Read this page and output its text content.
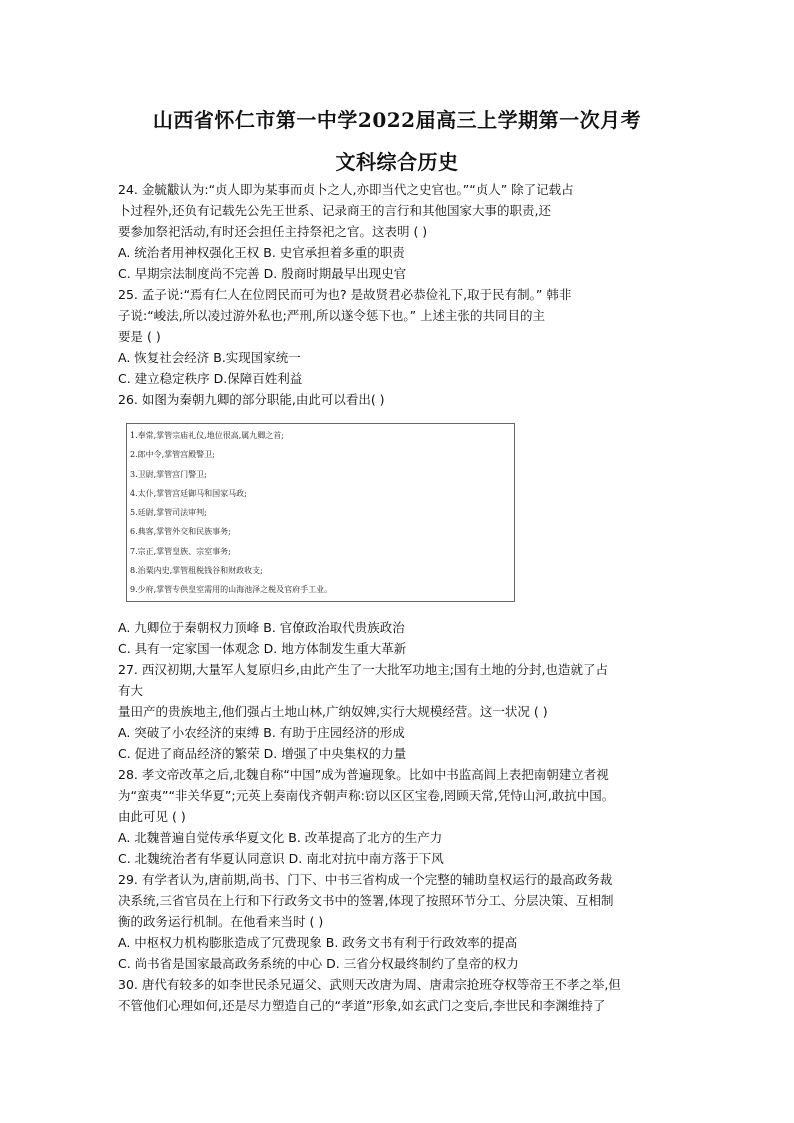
山西省怀仁市第一中学2022届高三上学期第一次月考
文科综合历史
24. 金毓黻认为:“贞人即为某事而贞卜之人,亦即当代之史官也。”“贞人” 除了记载占
卜过程外,还负有记载先公先王世系、记录商王的言行和其他国家大事的职责,还
要参加祭祀活动,有时还会担任主持祭祀之官。这表明 ( )
A. 统治者用神权强化王权 B. 史官承担着多重的职责
C. 早期宗法制度尚不完善 D. 殷商时期最早出现史官
25. 孟子说:“焉有仁人在位罔民而可为也? 是故贤君必恭俭礼下,取于民有制。” 韩非
子说:“峻法,所以凌过游外私也;严刑,所以遂令惩下也。” 上述主张的共同目的主
要是 ( )
A. 恢复社会经济 B.实现国家统一
C. 建立稳定秩序 D.保障百姓利益
26. 如图为秦朝九卿的部分职能,由此可以看出( )
1.奉常,掌管宗庙礼仪,地位很高,属九卿之首;
2.郎中令,掌管宫殿警卫;
3.卫尉,掌管宫门警卫;
4.太仆,掌管宫廷御马和国家马政;
5.廷尉,掌管司法审判;
6.典客,掌管外交和民族事务;
7.宗正,掌管皇族、宗室事务;
8.治粟内史,掌管租税钱谷和财政收支;
9.少府,掌管专供皇室需用的山海池泽之税及官府手工业。
A. 九卿位于秦朝权力顶峰 B. 官僚政治取代贵族政治
C. 具有一定家国一体观念 D. 地方体制发生重大革新
27. 西汉初期,大量军人复原归乡,由此产生了一大批军功地主;国有土地的分封,也造就了占
有大
量田产的贵族地主,他们强占土地山林,广纳奴婢,实行大规模经营。这一状况 ( )
A. 突破了小农经济的束缚 B. 有助于庄园经济的形成
C. 促进了商品经济的繁荣 D. 增强了中央集权的力量
28. 孝文帝改革之后,北魏自称“中国”成为普遍现象。比如中书监高闾上表把南朝建立者视
为“蛮夷”“非关华夏”;元英上奏南伐齐朝声称:窃以区区宝卷,罔顾天常,凭恃山河,敢抗中国。
由此可见 ( )
A. 北魏普遍自觉传承华夏文化 B. 改革提高了北方的生产力
C. 北魏统治者有华夏认同意识 D. 南北对抗中南方落于下风
29. 有学者认为,唐前期,尚书、门下、中书三省构成一个完整的辅助皇权运行的最高政务裁
决系统,三省官员在上行和下行政务文书中的签署,体现了按照环节分工、分层决策、互相制
衡的政务运行机制。在他看来当时 ( )
A. 中枢权力机构膨胀造成了冗费现象 B. 政务文书有利于行政效率的提高
C. 尚书省是国家最高政务系统的中心 D. 三省分权最终制约了皇帝的权力
30. 唐代有较多的如李世民杀兄逼父、武则天改唐为周、唐肃宗抢班夺权等帝王不孝之举,但
不管他们心理如何,还是尽力塑造自己的“孝道”形象,如玄武门之变后,李世民和李渊维持了
